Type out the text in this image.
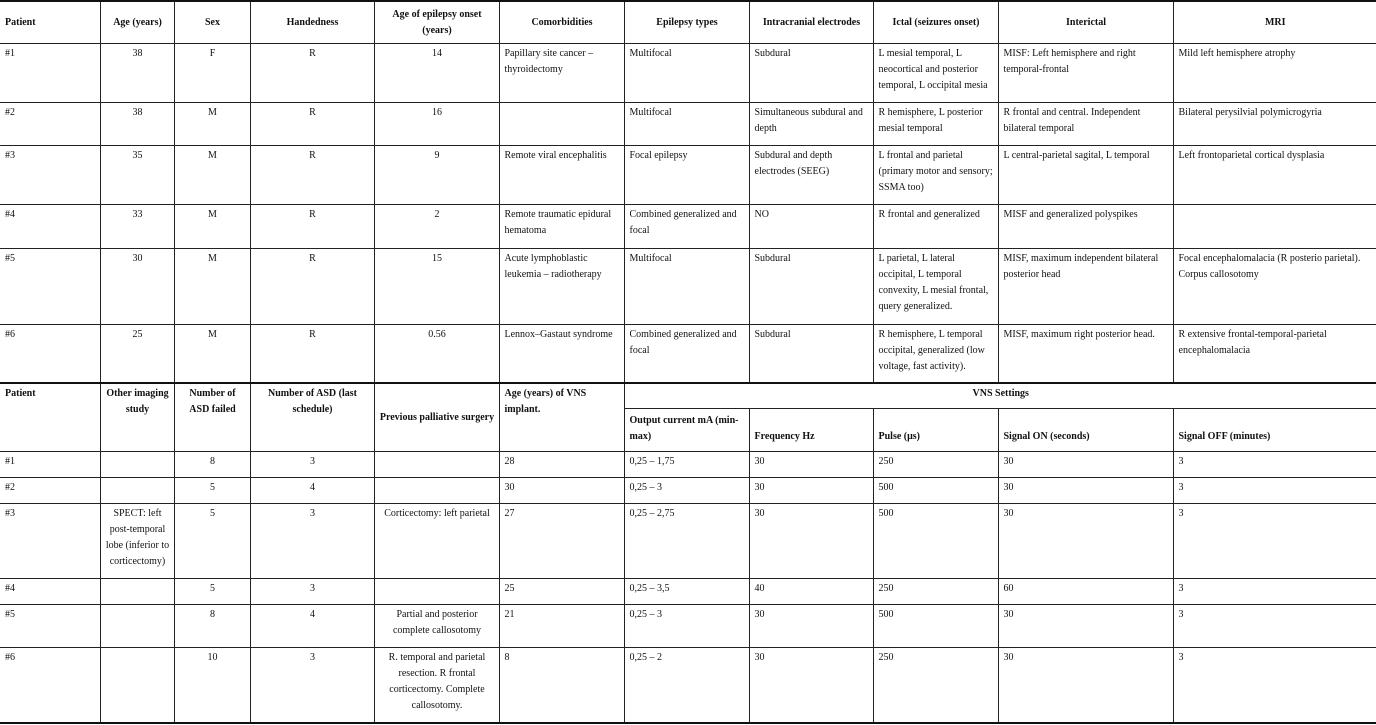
Patient	Age (years)	Sex	Handedness	Age of epilepsy onset (years)	Comorbidities	Epilepsy types	Intracranial electrodes	Ictal (seizures onset)	Interictal	MRI
#1	38	F	R	14	Papillary site cancer – thyroidectomy	Multifocal	Subdural	L mesial temporal, L neocortical and posterior temporal, L occipital mesia	MISF: Left hemisphere and right temporal-frontal	Mild left hemisphere atrophy
#2	38	M	R	16		Multifocal	Simultaneous subdural and depth	R hemisphere, L posterior mesial temporal	R frontal and central. Independent bilateral temporal	Bilateral perysilvial polymicrogyria
#3	35	M	R	9	Remote viral encephalitis	Focal epilepsy	Subdural and depth electrodes (SEEG)	L frontal and parietal (primary motor and sensory; SSMA too)	L central-parietal sagital, L temporal	Left frontoparietal cortical dysplasia
#4	33	M	R	2	Remote traumatic epidural hematoma	Combined generalized and focal	NO	R frontal and generalized	MISF and generalized polyspikes	
#5	30	M	R	15	Acute lymphoblastic leukemia – radiotherapy	Multifocal	Subdural	L parietal, L lateral occipital, L temporal convexity, L mesial frontal, query generalized.	MISF, maximum independent bilateral posterior head	Focal encephalomalacia (R posterio parietal). Corpus callosotomy
#6	25	M	R	0.56	Lennox–Gastaut syndrome	Combined generalized and focal	Subdural	R hemisphere, L temporal occipital, generalized (low voltage, fast activity).	MISF, maximum right posterior head.	R extensive frontal-temporal-parietal encephalomalacia
Patient	Other imaging study	Number of ASD failed	Number of ASD (last schedule)	Previous palliative surgery	Age (years) of VNS implant.	VNS Settings				
						Output current mA (min-max)	Frequency Hz	Pulse (μs)	Signal ON (seconds)	Signal OFF (minutes)
#1		8	3		28	0,25 – 1,75	30	250	30	3
#2		5	4		30	0,25 – 3	30	500	30	3
#3	SPECT: left post-temporal lobe (inferior to corticectomy)	5	3	Corticectomy: left parietal	27	0,25 – 2,75	30	500	30	3
#4		5	3		25	0,25 – 3,5	40	250	60	3
#5		8	4	Partial and posterior complete callosotomy	21	0,25 – 3	30	500	30	3
#6		10	3	R. temporal and parietal resection. R frontal corticectomy. Complete callosotomy.	8	0,25 – 2	30	250	30	3
